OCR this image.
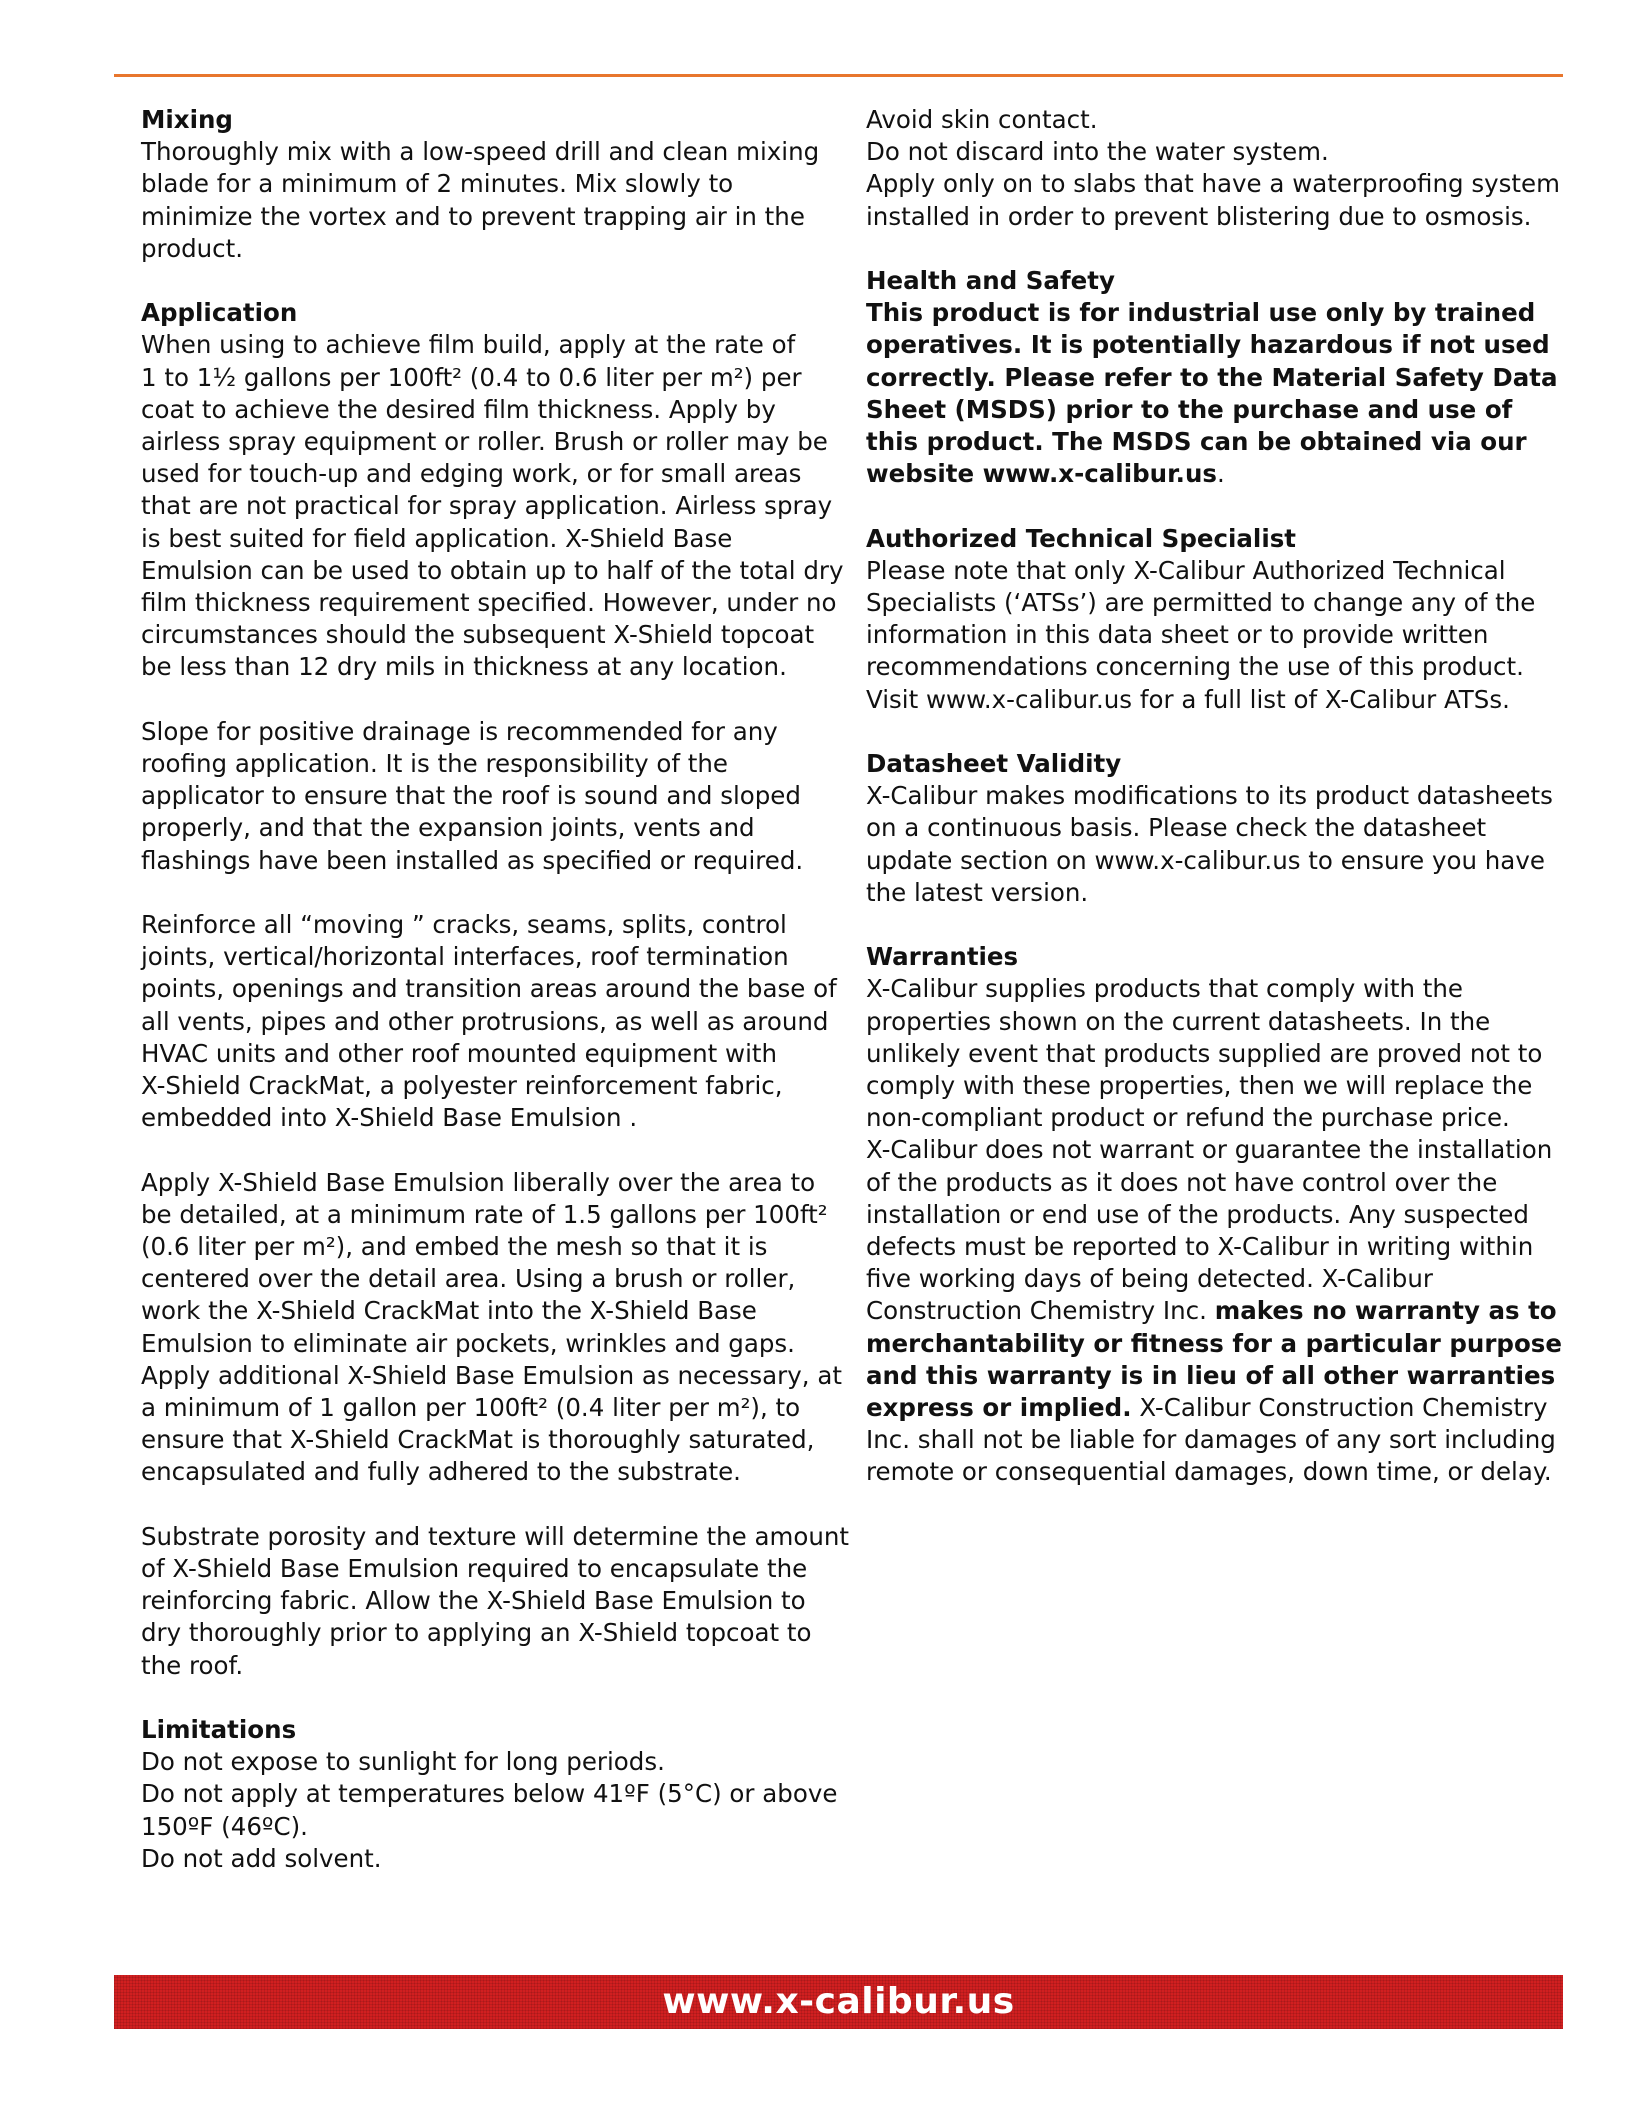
Mixing
Thoroughly mix with a low-speed drill and clean mixing
blade for a minimum of 2 minutes. Mix slowly to
minimize the vortex and to prevent trapping air in the
product.
Application
When using to achieve film build, apply at the rate of
1 to 1½ gallons per 100ft² (0.4 to 0.6 liter per m²) per
coat to achieve the desired film thickness. Apply by
airless spray equipment or roller. Brush or roller may be
used for touch-up and edging work, or for small areas
that are not practical for spray application. Airless spray
is best suited for field application. X-Shield Base
Emulsion can be used to obtain up to half of the total dry
film thickness requirement specified. However, under no
circumstances should the subsequent X-Shield topcoat
be less than 12 dry mils in thickness at any location.
Slope for positive drainage is recommended for any
roofing application. It is the responsibility of the
applicator to ensure that the roof is sound and sloped
properly, and that the expansion joints, vents and
flashings have been installed as specified or required.
Reinforce all “moving ” cracks, seams, splits, control
joints, vertical/horizontal interfaces, roof termination
points, openings and transition areas around the base of
all vents, pipes and other protrusions, as well as around
HVAC units and other roof mounted equipment with
X-Shield CrackMat, a polyester reinforcement fabric,
embedded into X-Shield Base Emulsion .
Apply X-Shield Base Emulsion liberally over the area to
be detailed, at a minimum rate of 1.5 gallons per 100ft²
(0.6 liter per m²), and embed the mesh so that it is
centered over the detail area. Using a brush or roller,
work the X-Shield CrackMat into the X-Shield Base
Emulsion to eliminate air pockets, wrinkles and gaps.
Apply additional X-Shield Base Emulsion as necessary, at
a minimum of 1 gallon per 100ft² (0.4 liter per m²), to
ensure that X-Shield CrackMat is thoroughly saturated,
encapsulated and fully adhered to the substrate.
Substrate porosity and texture will determine the amount
of X-Shield Base Emulsion required to encapsulate the
reinforcing fabric. Allow the X-Shield Base Emulsion to
dry thoroughly prior to applying an X-Shield topcoat to
the roof.
Limitations
Do not expose to sunlight for long periods.
Do not apply at temperatures below 41ºF (5°C) or above
150ºF (46ºC).
Do not add solvent.
Avoid skin contact.
Do not discard into the water system.
Apply only on to slabs that have a waterproofing system
installed in order to prevent blistering due to osmosis.
Health and Safety
This product is for industrial use only by trained
operatives. It is potentially hazardous if not used
correctly. Please refer to the Material Safety Data
Sheet (MSDS) prior to the purchase and use of
this product. The MSDS can be obtained via our
website www.x-calibur.us.
Authorized Technical Specialist
Please note that only X-Calibur Authorized Technical
Specialists (‘ATSs’) are permitted to change any of the
information in this data sheet or to provide written
recommendations concerning the use of this product.
Visit www.x-calibur.us for a full list of X-Calibur ATSs.
Datasheet Validity
X-Calibur makes modifications to its product datasheets
on a continuous basis. Please check the datasheet
update section on www.x-calibur.us to ensure you have
the latest version.
Warranties
X-Calibur supplies products that comply with the
properties shown on the current datasheets. In the
unlikely event that products supplied are proved not to
comply with these properties, then we will replace the
non-compliant product or refund the purchase price.
X-Calibur does not warrant or guarantee the installation
of the products as it does not have control over the
installation or end use of the products. Any suspected
defects must be reported to X-Calibur in writing within
five working days of being detected. X-Calibur
Construction Chemistry Inc. makes no warranty as to
merchantability or fitness for a particular purpose
and this warranty is in lieu of all other warranties
express or implied. X-Calibur Construction Chemistry
Inc. shall not be liable for damages of any sort including
remote or consequential damages, down time, or delay.
www.x-calibur.us
